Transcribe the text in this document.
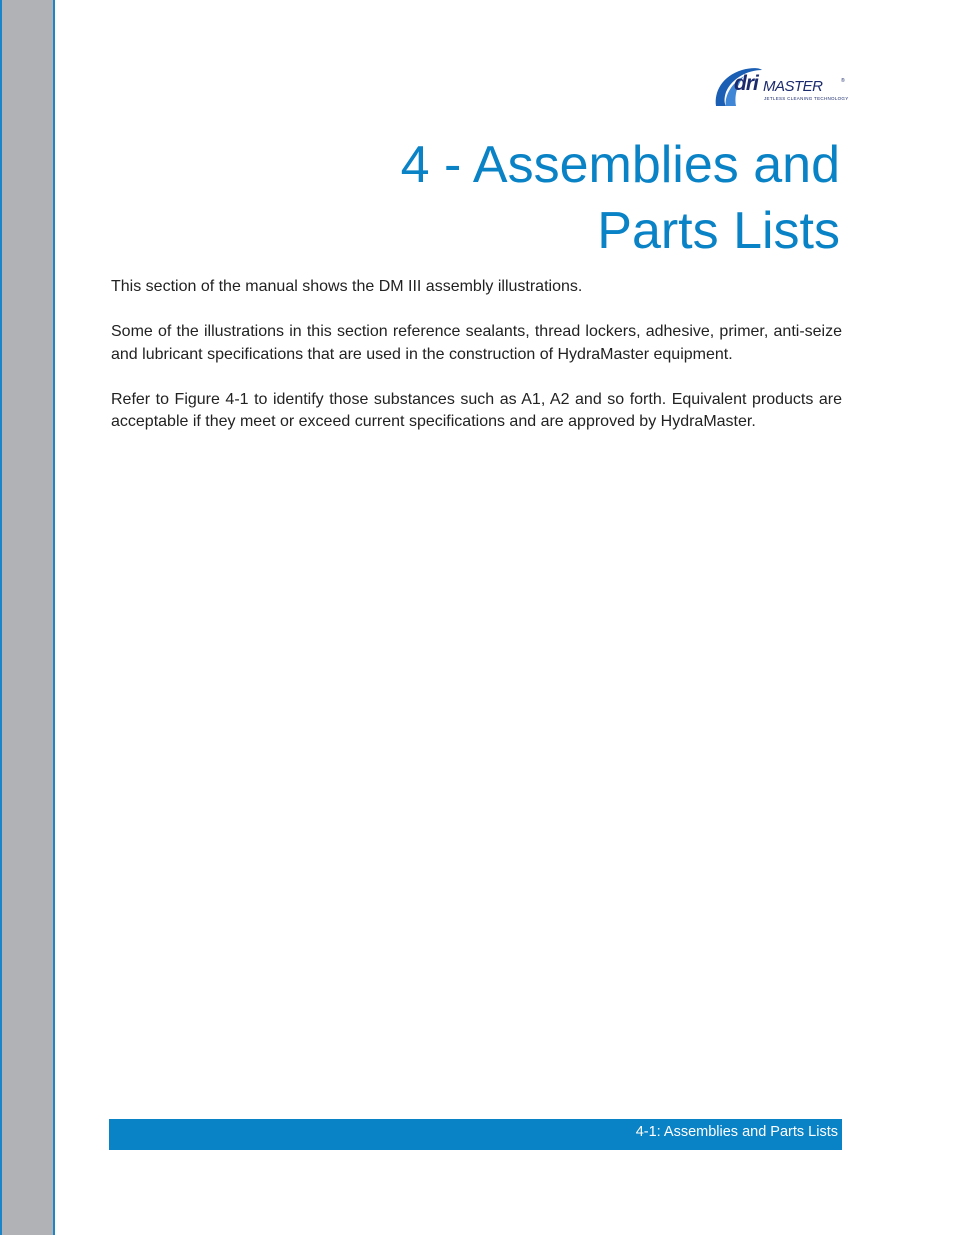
®
dri MASTER
JETLESS CLEANING TECHNOLOGY
4 - Assemblies and
Parts Lists

This section of the manual shows the DM III assembly illustrations.

Some of the illustrations in this section reference sealants, thread lockers, adhesive, primer, anti-seize and lubricant specifications that are used in the construction of HydraMaster equipment.

Refer to Figure 4-1 to identify those substances such as A1, A2 and so forth. Equivalent products are acceptable if they meet or exceed current specifications and are approved by HydraMaster.

4-1: Assemblies and Parts Lists
